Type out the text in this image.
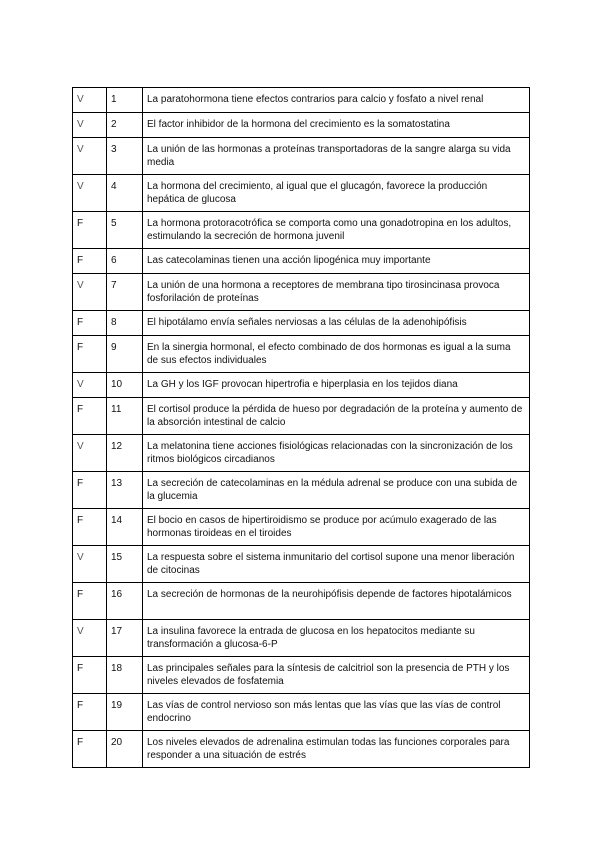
V	1	La paratohormona tiene efectos contrarios para calcio y fosfato a nivel renal
V	2	El factor inhibidor de la hormona del crecimiento es la somatostatina
V	3	La unión de las hormonas a proteínas transportadoras de la sangre alarga su vida media
V	4	La hormona del crecimiento, al igual que el glucagón, favorece la producción hepática de glucosa
F	5	La hormona protoracotrófica se comporta como una gonadotropina en los adultos, estimulando la secreción de hormona juvenil
F	6	Las catecolaminas tienen una acción lipogénica muy importante
V	7	La unión de una hormona a receptores de membrana tipo tirosincinasa provoca fosforilación de proteínas
F	8	El hipotálamo envía señales nerviosas a las células de la adenohipófisis
F	9	En la sinergia hormonal, el efecto combinado de dos hormonas es igual a la suma de sus efectos individuales
V	10	La GH y los IGF provocan hipertrofia e hiperplasia en los tejidos diana
F	11	El cortisol produce la pérdida de hueso por degradación de la proteína y aumento de la absorción intestinal de calcio
V	12	La melatonina tiene acciones fisiológicas relacionadas con la sincronización de los ritmos biológicos circadianos
F	13	La secreción de catecolaminas en la médula adrenal se produce con una subida de la glucemia
F	14	El bocio en casos de hipertiroidismo se produce por acúmulo exagerado de las hormonas tiroideas en el tiroides
V	15	La respuesta sobre el sistema inmunitario del cortisol supone una menor liberación de citocinas
F	16	La secreción de hormonas de la neurohipófisis depende de factores hipotalámicos
V	17	La insulina favorece la entrada de glucosa en los hepatocitos mediante su transformación a glucosa-6-P
F	18	Las principales señales para la síntesis de calcitriol son la presencia de PTH y los niveles elevados de fosfatemia
F	19	Las vías de control nervioso son más lentas que las vías que las vías de control endocrino
F	20	Los niveles elevados de adrenalina estimulan todas las funciones corporales para responder a una situación de estrés
